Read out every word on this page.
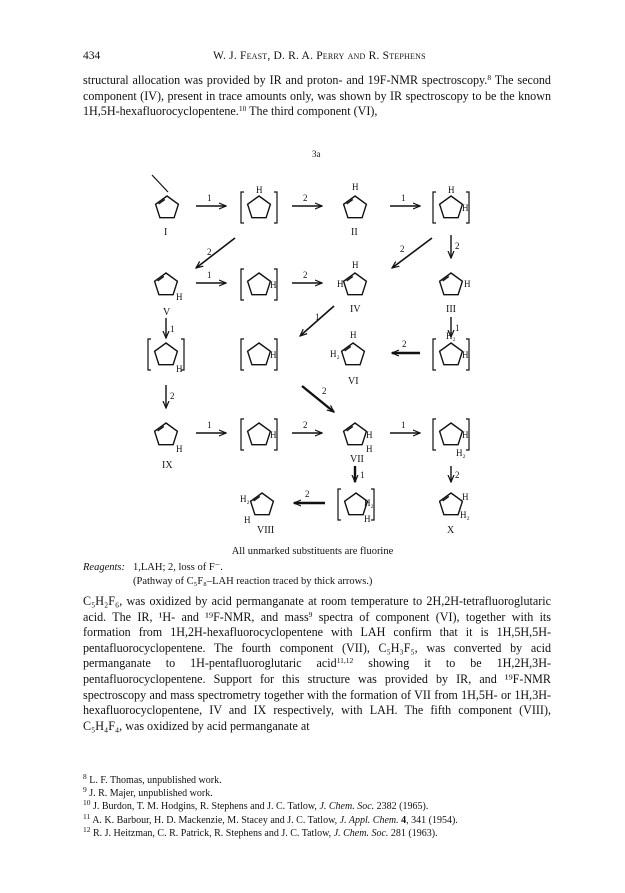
434	W. J. Feast, D. R. A. Perry and R. Stephens

structural allocation was provided by IR and proton- and 19F-NMR spectroscopy.$^8$ The second component (IV), present in trace amounts only, was shown by IR spectroscopy to be the known 1H,5H-hexafluorocyclopentene.$^{10}$ The third component (VI),

3a
I
1
H
2
H
II
1
H
H
2	2	2
H
V
1
H
2
H
H
IV
H
III
1
1
1
H
H	H₂
H
VI
2
H
H₂
2	2
H
IX
1
H
2
H
H
VII
1
H
H₂
1	2
H₂
H
VIII
2
H₂
H
H
H₂
X
All unmarked substituents are fluorine
Reagents: 1,LAH; 2, loss of F⁻.
(Pathway of C₅F₈–LAH reaction traced by thick arrows.)

C₅H₂F₆, was oxidized by acid permanganate at room temperature to 2H,2H-tetrafluoroglutaric acid. The IR, ¹H- and ¹⁹F-NMR, and mass$^9$ spectra of component (VI), together with its formation from 1H,2H-hexafluorocyclopentene with LAH confirm that it is 1H,5H,5H-pentafluorocyclopentene. The fourth component (VII), C₅H₃F₅, was converted by acid permanganate to 1H-pentafluoroglutaric acid$^{11,12}$ showing it to be 1H,2H,3H-pentafluorocyclopentene. Support for this structure was provided by IR, and ¹⁹F-NMR spectroscopy and mass spectrometry together with the formation of VII from 1H,5H- or 1H,3H-hexafluorocyclopentene, IV and IX respectively, with LAH. The fifth component (VIII), C₅H₄F₄, was oxidized by acid permanganate at

$^8$ L. F. Thomas, unpublished work.

$^9$ J. R. Majer, unpublished work.

$^{10}$ J. Burdon, T. M. Hodgins, R. Stephens and J. C. Tatlow, J. Chem. Soc. 2382 (1965).

$^{11}$ A. K. Barbour, H. D. Mackenzie, M. Stacey and J. C. Tatlow, J. Appl. Chem. 4, 341 (1954).

$^{12}$ R. J. Heitzman, C. R. Patrick, R. Stephens and J. C. Tatlow, J. Chem. Soc. 281 (1963).
